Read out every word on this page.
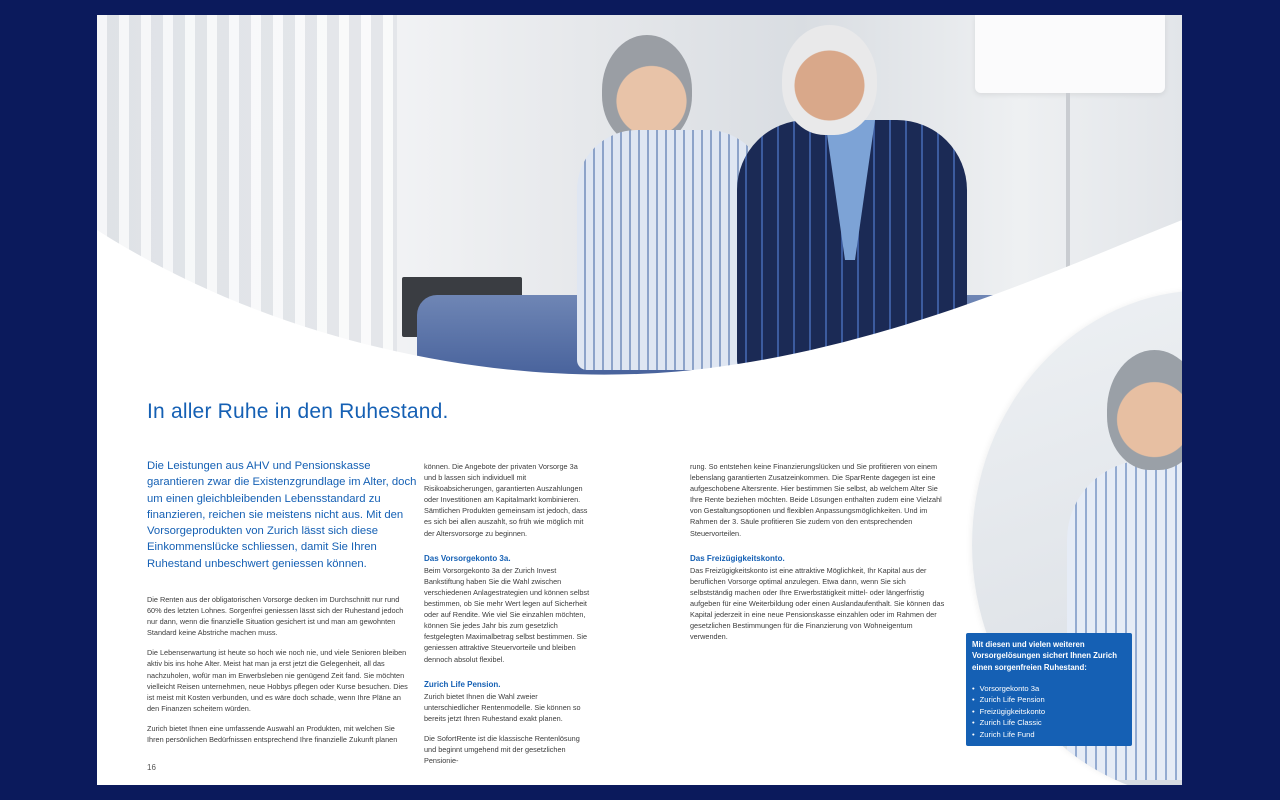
In aller Ruhe in den Ruhestand.

Die Leistungen aus AHV und Pensionskasse garantieren zwar die Existenzgrundlage im Alter, doch um einen gleichbleibenden Lebensstandard zu finanzieren, reichen sie meistens nicht aus. Mit den Vorsorgeprodukten von Zurich lässt sich diese Einkommenslücke schliessen, damit Sie Ihren Ruhestand unbeschwert geniessen können.

Die Renten aus der obligatorischen Vorsorge decken im Durchschnitt nur rund 60% des letzten Lohnes. Sorgenfrei geniessen lässt sich der Ruhestand jedoch nur dann, wenn die finanzielle Situation gesichert ist und man am gewohnten Standard keine Abstriche machen muss.

Die Lebenserwartung ist heute so hoch wie noch nie, und viele Senioren bleiben aktiv bis ins hohe Alter. Meist hat man ja erst jetzt die Gelegenheit, all das nachzuholen, wofür man im Erwerbsleben nie genügend Zeit fand. Sie möchten vielleicht Reisen unternehmen, neue Hobbys pflegen oder Kurse besuchen. Dies ist meist mit Kosten verbunden, und es wäre doch schade, wenn Ihre Pläne an den Finanzen scheitern würden.

Zurich bietet Ihnen eine umfassende Auswahl an Produkten, mit welchen Sie Ihren persönlichen Bedürfnissen entsprechend Ihre finanzielle Zukunft planen

können. Die Angebote der privaten Vorsorge 3a und b lassen sich individuell mit Risikoabsicherungen, garantierten Auszahlungen oder Investitionen am Kapitalmarkt kombinieren. Sämtlichen Produkten gemeinsam ist jedoch, dass es sich bei allen auszahlt, so früh wie möglich mit der Altersvorsorge zu beginnen.

Das Vorsorgekonto 3a.

Beim Vorsorgekonto 3a der Zurich Invest Bankstiftung haben Sie die Wahl zwischen verschiedenen Anlagestrategien und können selbst bestimmen, ob Sie mehr Wert legen auf Sicherheit oder auf Rendite. Wie viel Sie einzahlen möchten, können Sie jedes Jahr bis zum gesetzlich festgelegten Maximalbetrag selbst bestimmen. Sie geniessen attraktive Steuervorteile und bleiben dennoch absolut flexibel.

Zurich Life Pension.

Zurich bietet Ihnen die Wahl zweier unterschiedlicher Rentenmodelle. Sie können so bereits jetzt Ihren Ruhestand exakt planen.

Die SofortRente ist die klassische Rentenlösung und beginnt umgehend mit der gesetzlichen Pensionie-

rung. So entstehen keine Finanzierungslücken und Sie profitieren von einem lebenslang garantierten Zusatzeinkommen. Die SparRente dagegen ist eine aufgeschobene Altersrente. Hier bestimmen Sie selbst, ab welchem Alter Sie Ihre Rente beziehen möchten. Beide Lösungen enthalten zudem eine Vielzahl von Gestaltungsoptionen und flexiblen Anpassungsmöglichkeiten. Und im Rahmen der 3. Säule profitieren Sie zudem von den entsprechenden Steuervorteilen.

Das Freizügigkeitskonto.

Das Freizügigkeitskonto ist eine attraktive Möglichkeit, Ihr Kapital aus der beruflichen Vorsorge optimal anzulegen. Etwa dann, wenn Sie sich selbstständig machen oder Ihre Erwerbstätigkeit mittel- oder längerfristig aufgeben für eine Weiterbildung oder einen Auslandaufenthalt. Sie können das Kapital jederzeit in eine neue Pensionskasse einzahlen oder im Rahmen der gesetzlichen Bestimmungen für die Finanzierung von Wohneigentum verwenden.

Mit diesen und vielen weiteren Vorsorgelösungen sichert Ihnen Zurich einen sorgenfreien Ruhestand:

• Vorsorgekonto 3a
• Zurich Life Pension
• Freizügigkeitskonto
• Zurich Life Classic
• Zurich Life Fund
16
